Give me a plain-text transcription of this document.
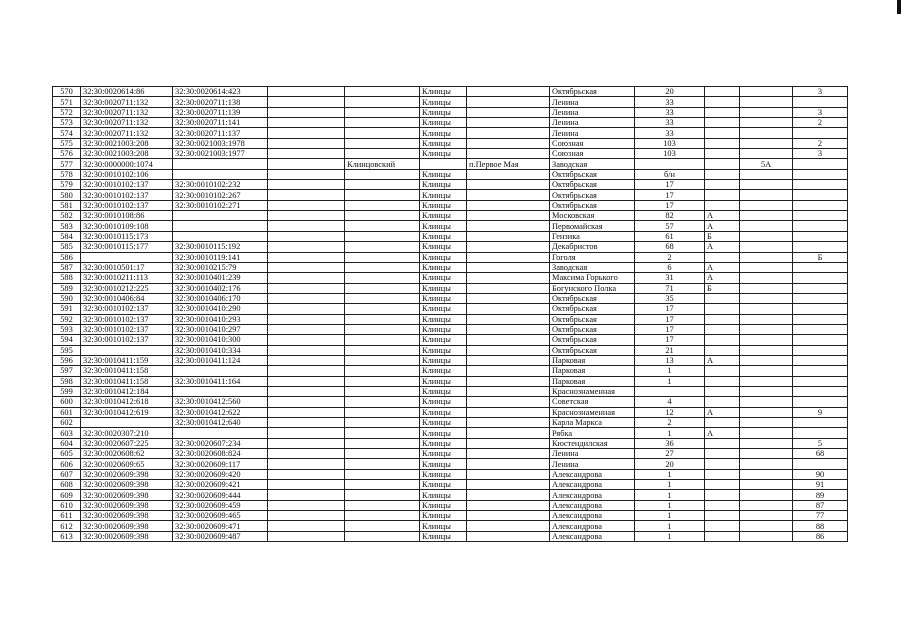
570	32:30:0020614:86	32:30:0020614:423			Клинцы		Октябрьская	20			3
571	32:30:0020711:132	32:30:0020711:138			Клинцы		Ленина	33			
572	32:30:0020711:132	32:30:0020711:139			Клинцы		Ленина	33			3
573	32:30:0020711:132	32:30:0020711:141			Клинцы		Ленина	33			2
574	32:30:0020711:132	32:30:0020711:137			Клинцы		Ленина	33			
575	32:30:0021003:208	32:30:0021003:1978			Клинцы		Союзная	103			2
576	32:30:0021003:208	32:30:0021003:1977			Клинцы		Союзная	103			3
577	32:30:0000000:1074			Клинцовский		п.Первое Мая	Заводская			5А	
578	32:30:0010102:106				Клинцы		Октябрьская	б/н			
579	32:30:0010102:137	32:30:0010102:232			Клинцы		Октябрьская	17			
580	32:30:0010102:137	32:30:0010102:267			Клинцы		Октябрьская	17			
581	32:30:0010102:137	32:30:0010102:271			Клинцы		Октябрьская	17			
582	32:30:0010108:86				Клинцы		Московская	82	А		
583	32:30:0010109:108				Клинцы		Первомайская	57	А		
584	32:30:0010115:173				Клинцы		Гензика	61	Б		
585	32:30:0010115:177	32:30:0010115:192			Клинцы		Декабристов	68	А		
586		32:30:0010119:141			Клинцы		Гоголя	2			Б
587	32:30:0010501:17	32:30:0010215:79			Клинцы		Заводская	6	А		
588	32:30:0010211:113	32:30:0010401:239			Клинцы		Максима Горького	31	А		
589	32:30:0010212:225	32:30:0010402:176			Клинцы		Богунского Полка	71	Б		
590	32:30:0010406:84	32:30:0010406:170			Клинцы		Октябрьская	35			
591	32:30:0010102:137	32:30:0010410:290			Клинцы		Октябрьская	17			
592	32:30:0010102:137	32:30:0010410:293			Клинцы		Октябрьская	17			
593	32:30:0010102:137	32:30:0010410:297			Клинцы		Октябрьская	17			
594	32:30:0010102:137	32:30:0010410:300			Клинцы		Октябрьская	17			
595		32:30:0010410:334			Клинцы		Октябрьская	21			
596	32:30:0010411:159	32:30:0010411:124			Клинцы		Парковая	13	А		
597	32:30:0010411:158				Клинцы		Парковая	1			
598	32:30:0010411:158	32:30:0010411:164			Клинцы		Парковая	1			
599	32:30:0010412:184				Клинцы		Краснознаменная				
600	32:30:0010412:618	32:30:0010412:560			Клинцы		Советская	4			
601	32:30:0010412:619	32:30:0010412:622			Клинцы		Краснознаменная	12	А		9
602		32:30:0010412:640			Клинцы		Карла Маркса	2			
603	32:30:0020307:210				Клинцы		Рябка	1	А		
604	32:30:0020607:225	32:30:0020607:234			Клинцы		Кюстендилская	36			5
605	32:30:0020608:62	32:30:0020608:824			Клинцы		Ленина	27			68
606	32:30:0020609:65	32:30:0020609:117			Клинцы		Ленина	20			
607	32:30:0020609:398	32:30:0020609:420			Клинцы		Александрова	1			90
608	32:30:0020609:398	32:30:0020609:421			Клинцы		Александрова	1			91
609	32:30:0020609:398	32:30:0020609:444			Клинцы		Александрова	1			89
610	32:30:0020609:398	32:30:0020609:459			Клинцы		Александрова	1			87
611	32:30:0020609:398	32:30:0020609:465			Клинцы		Александрова	1			77
612	32:30:0020609:398	32:30:0020609:471			Клинцы		Александрова	1			88
613	32:30:0020609:398	32:30:0020609:487			Клинцы		Александрова	1			86
